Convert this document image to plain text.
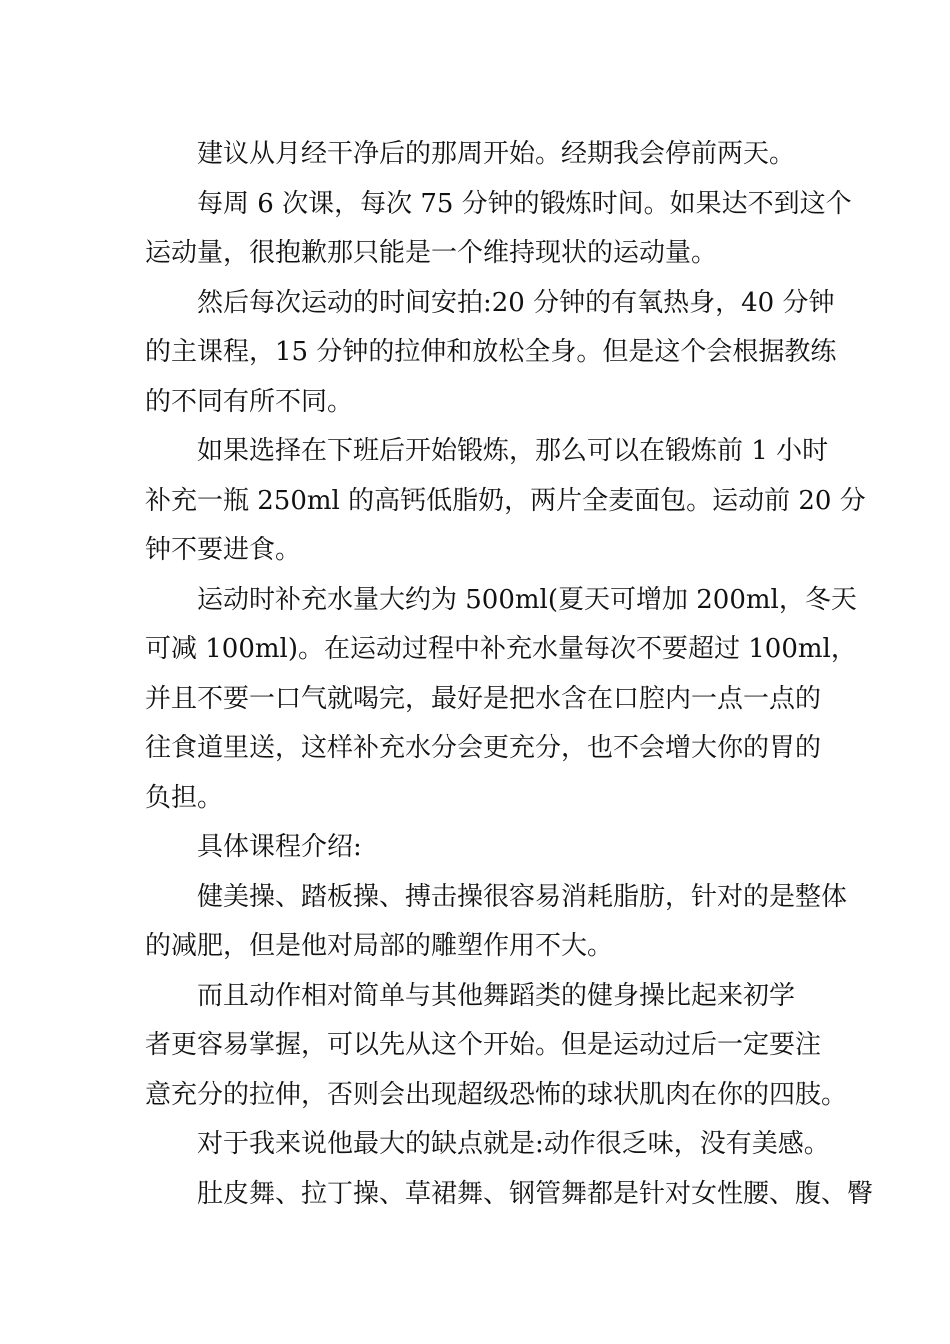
建议从月经干净后的那周开始。经期我会停前两天。
每周 6 次课，每次 75 分钟的锻炼时间。如果达不到这个
运动量，很抱歉那只能是一个维持现状的运动量。
然后每次运动的时间安拍:20 分钟的有氧热身，40 分钟
的主课程，15 分钟的拉伸和放松全身。但是这个会根据教练
的不同有所不同。
如果选择在下班后开始锻炼，那么可以在锻炼前 1 小时
补充一瓶 250ml 的高钙低脂奶，两片全麦面包。运动前 20 分
钟不要进食。
运动时补充水量大约为 500ml(夏天可增加 200ml，冬天
可减 100ml)。在运动过程中补充水量每次不要超过 100ml，
并且不要一口气就喝完，最好是把水含在口腔内一点一点的
往食道里送，这样补充水分会更充分，也不会增大你的胃的
负担。
具体课程介绍:
健美操、踏板操、搏击操很容易消耗脂肪，针对的是整体
的减肥，但是他对局部的雕塑作用不大。
而且动作相对简单与其他舞蹈类的健身操比起来初学
者更容易掌握，可以先从这个开始。但是运动过后一定要注
意充分的拉伸，否则会出现超级恐怖的球状肌肉在你的四肢。
对于我来说他最大的缺点就是:动作很乏味，没有美感。
肚皮舞、拉丁操、草裙舞、钢管舞都是针对女性腰、腹、臀
